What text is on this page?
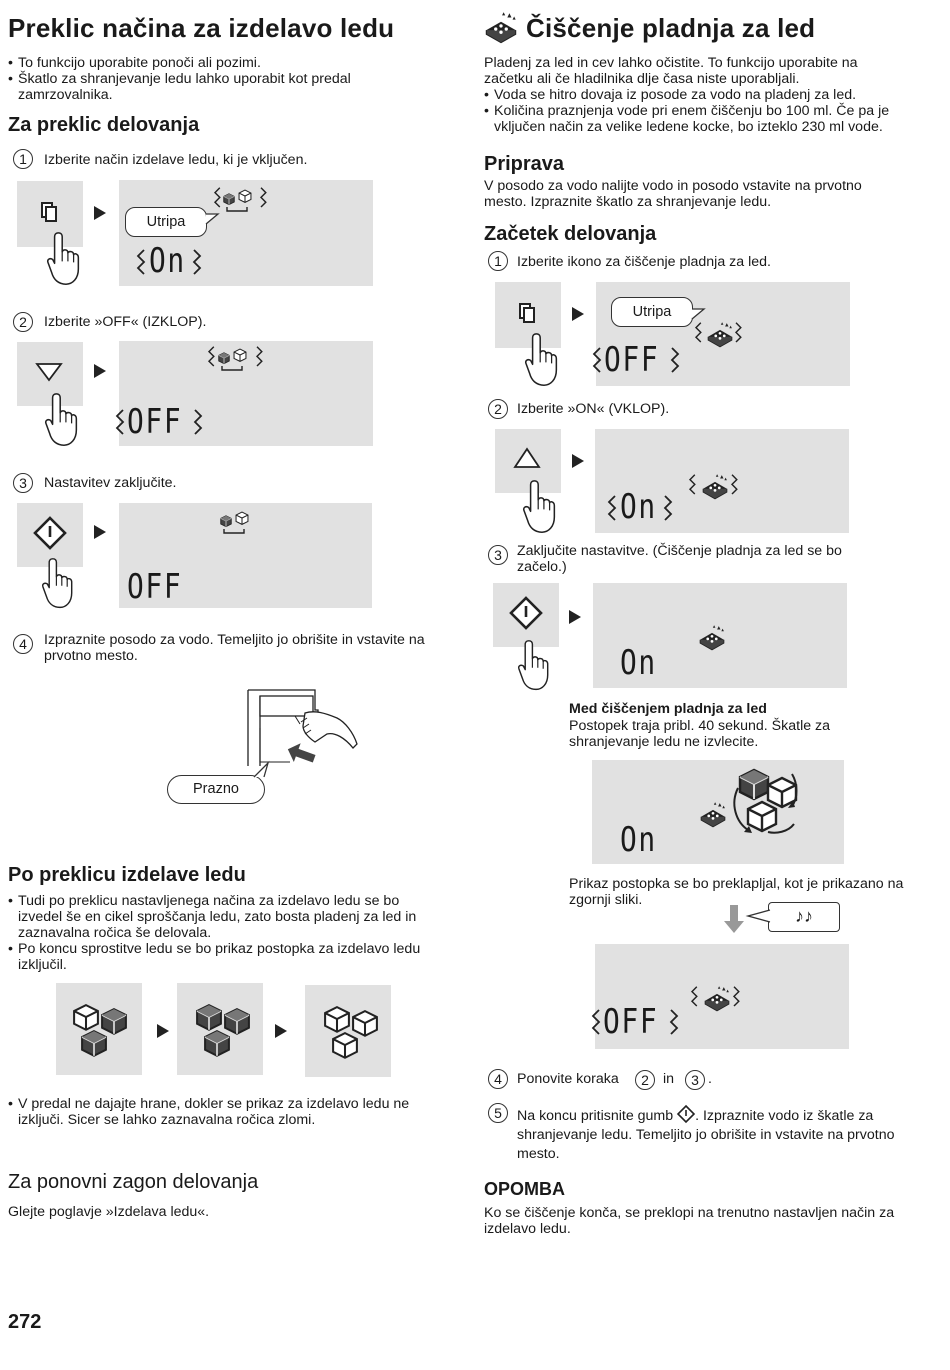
Preklic načina za izdelavo ledu
• To funkcijo uporabite ponoči ali pozimi.
• Škatlo za shranjevanje ledu lahko uporabit kot predal zamrzovalnika.
Za preklic delovanja
1	Izberite način izdelave ledu, ki je vključen.
Utripa
On
2	Izberite »OFF« (IZKLOP).
OFF
3	Nastavitev zaključite.
OFF
4	Izpraznite posodo za vodo. Temeljito jo obrišite in vstavite na prvotno mesto.
Prazno
Po preklicu izdelave ledu
• Tudi po preklicu nastavljenega načina za izdelavo ledu se bo izvedel še en cikel sproščanja ledu, zato bosta pladenj za led in zaznavalna ročica še delovala.
• Po koncu sprostitve ledu se bo prikaz postopka za izdelavo ledu izključil.
• V predal ne dajajte hrane, dokler se prikaz za izdelavo ledu ne izključi. Sicer se lahko zaznavalna ročica zlomi.
Za ponovni zagon delovanja
Glejte poglavje »Izdelava ledu«.
272
Čiščenje pladnja za led
Pladenj za led in cev lahko očistite. To funkcijo uporabite na začetku ali če hladilnika dlje časa niste uporabljali.
• Voda se hitro dovaja iz posode za vodo na pladenj za led.
• Količina praznjenja vode pri enem čiščenju bo 100 ml. Če pa je vključen način za velike ledene kocke, bo izteklo 230 ml vode.
Priprava
V posodo za vodo nalijte vodo in posodo vstavite na prvotno mesto. Izpraznite škatlo za shranjevanje ledu.
Začetek delovanja
1	Izberite ikono za čiščenje pladnja za led.
Utripa
OFF
2	Izberite »ON« (VKLOP).
On
3	Zaključite nastavitve. (Čiščenje pladnja za led se bo začelo.)
On
Med čiščenjem pladnja za led
Postopek traja pribl. 40 sekund. Škatle za shranjevanje ledu ne izvlecite.
On
Prikaz postopka se bo preklapljal, kot je prikazano na zgornji sliki.
♪♪
OFF
4	Ponovite koraka	2 in	3 .
5	Na koncu pritisnite gumb . Izpraznite vodo iz škatle za shranjevanje ledu. Temeljito jo obrišite in vstavite na prvotno mesto.
OPOMBA
Ko se čiščenje konča, se preklopi na trenutno nastavljen način za izdelavo ledu.
